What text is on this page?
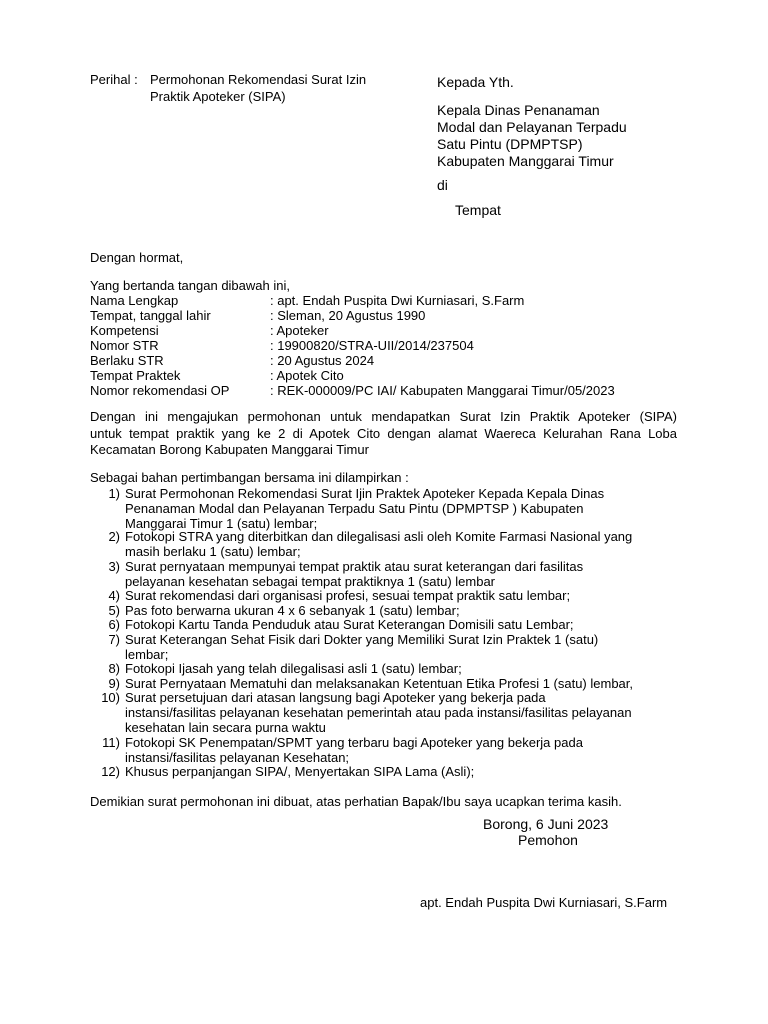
Perihal : Permohonan Rekomendasi Surat Izin
Praktik Apoteker (SIPA)
Kepada Yth.
Kepala Dinas Penanaman
Modal dan Pelayanan Terpadu
Satu Pintu (DPMPTSP)
Kabupaten Manggarai Timur
di
Tempat
Dengan hormat,
Yang bertanda tangan dibawah ini,
Nama Lengkap	: apt. Endah Puspita Dwi Kurniasari, S.Farm
Tempat, tanggal lahir	: Sleman, 20 Agustus 1990
Kompetensi	: Apoteker
Nomor STR	: 19900820/STRA-UII/2014/237504
Berlaku STR	: 20 Agustus 2024
Tempat Praktek	: Apotek Cito
Nomor rekomendasi OP	: REK-000009/PC IAI/ Kabupaten Manggarai Timur/05/2023
Dengan ini mengajukan permohonan untuk mendapatkan Surat Izin Praktik Apoteker (SIPA)
untuk tempat praktik yang ke 2 di Apotek Cito dengan alamat Waereca Kelurahan Rana Loba
Kecamatan Borong Kabupaten Manggarai Timur
Sebagai bahan pertimbangan bersama ini dilampirkan :
1) Surat Permohonan Rekomendasi Surat Ijin Praktek Apoteker Kepada Kepala Dinas
Penanaman Modal dan Pelayanan Terpadu Satu Pintu (DPMPTSP ) Kabupaten
Manggarai Timur 1 (satu) lembar;
2) Fotokopi STRA yang diterbitkan dan dilegalisasi asli oleh Komite Farmasi Nasional yang
masih berlaku 1 (satu) lembar;
3) Surat pernyataan mempunyai tempat praktik atau surat keterangan dari fasilitas
pelayanan kesehatan sebagai tempat praktiknya 1 (satu) lembar
4) Surat rekomendasi dari organisasi profesi, sesuai tempat praktik satu lembar;
5) Pas foto berwarna ukuran 4 x 6 sebanyak 1 (satu) lembar;
6) Fotokopi Kartu Tanda Penduduk atau Surat Keterangan Domisili satu Lembar;
7) Surat Keterangan Sehat Fisik dari Dokter yang Memiliki Surat Izin Praktek 1 (satu)
lembar;
8) Fotokopi Ijasah yang telah dilegalisasi asli 1 (satu) lembar;
9) Surat Pernyataan Mematuhi dan melaksanakan Ketentuan Etika Profesi 1 (satu) lembar,
10) Surat persetujuan dari atasan langsung bagi Apoteker yang bekerja pada
instansi/fasilitas pelayanan kesehatan pemerintah atau pada instansi/fasilitas pelayanan
kesehatan lain secara purna waktu
11) Fotokopi SK Penempatan/SPMT yang terbaru bagi Apoteker yang bekerja pada
instansi/fasilitas pelayanan Kesehatan;
12) Khusus perpanjangan SIPA/, Menyertakan SIPA Lama (Asli);
Demikian surat permohonan ini dibuat, atas perhatian Bapak/Ibu saya ucapkan terima kasih.
Borong, 6 Juni 2023
Pemohon
apt. Endah Puspita Dwi Kurniasari, S.Farm
